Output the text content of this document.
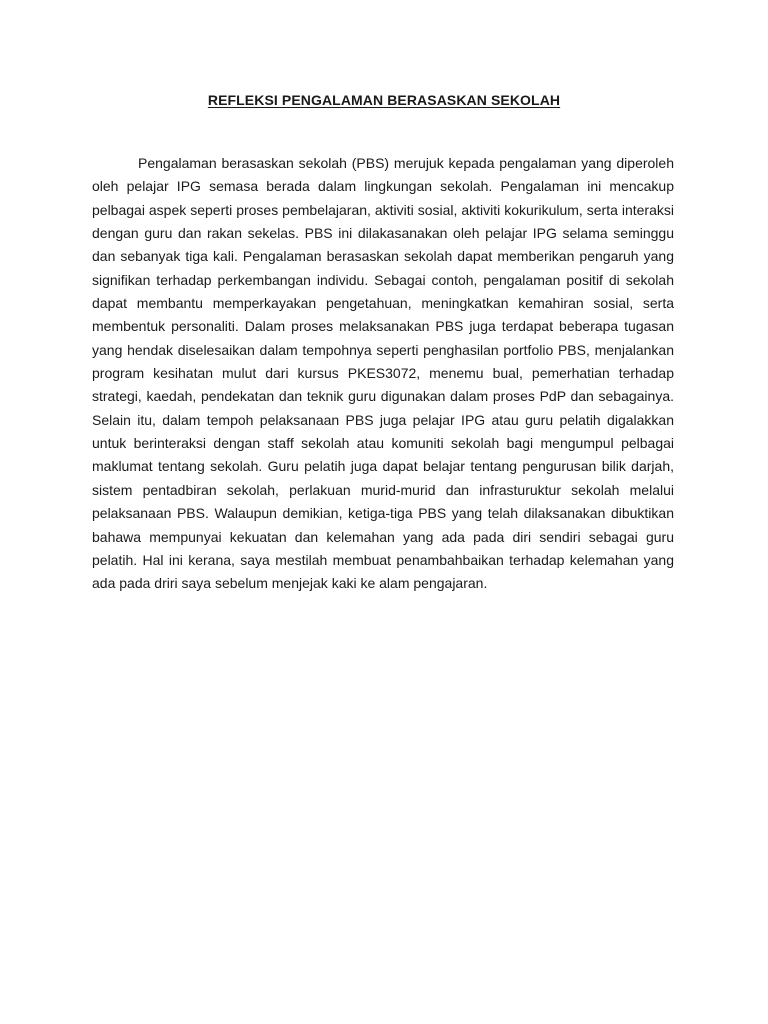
REFLEKSI PENGALAMAN BERASASKAN SEKOLAH

Pengalaman berasaskan sekolah (PBS) merujuk kepada pengalaman yang diperoleh oleh pelajar IPG semasa berada dalam lingkungan sekolah. Pengalaman ini mencakup pelbagai aspek seperti proses pembelajaran, aktiviti sosial, aktiviti kokurikulum, serta interaksi dengan guru dan rakan sekelas. PBS ini dilakasanakan oleh pelajar IPG selama seminggu dan sebanyak tiga kali. Pengalaman berasaskan sekolah dapat memberikan pengaruh yang signifikan terhadap perkembangan individu. Sebagai contoh, pengalaman positif di sekolah dapat membantu memperkayakan pengetahuan, meningkatkan kemahiran sosial, serta membentuk personaliti. Dalam proses melaksanakan PBS juga terdapat beberapa tugasan yang hendak diselesaikan dalam tempohnya seperti penghasilan portfolio PBS, menjalankan program kesihatan mulut dari kursus PKES3072, menemu bual, pemerhatian terhadap strategi, kaedah, pendekatan dan teknik guru digunakan dalam proses PdP dan sebagainya. Selain itu, dalam tempoh pelaksanaan PBS juga pelajar IPG atau guru pelatih digalakkan untuk berinteraksi dengan staff sekolah atau komuniti sekolah bagi mengumpul pelbagai maklumat tentang sekolah. Guru pelatih juga dapat belajar tentang pengurusan bilik darjah, sistem pentadbiran sekolah, perlakuan murid-murid dan infrasturuktur sekolah melalui pelaksanaan PBS. Walaupun demikian, ketiga-tiga PBS yang telah dilaksanakan dibuktikan bahawa mempunyai kekuatan dan kelemahan yang ada pada diri sendiri sebagai guru pelatih. Hal ini kerana, saya mestilah membuat penambahbaikan terhadap kelemahan yang ada pada driri saya sebelum menjejak kaki ke alam pengajaran.
